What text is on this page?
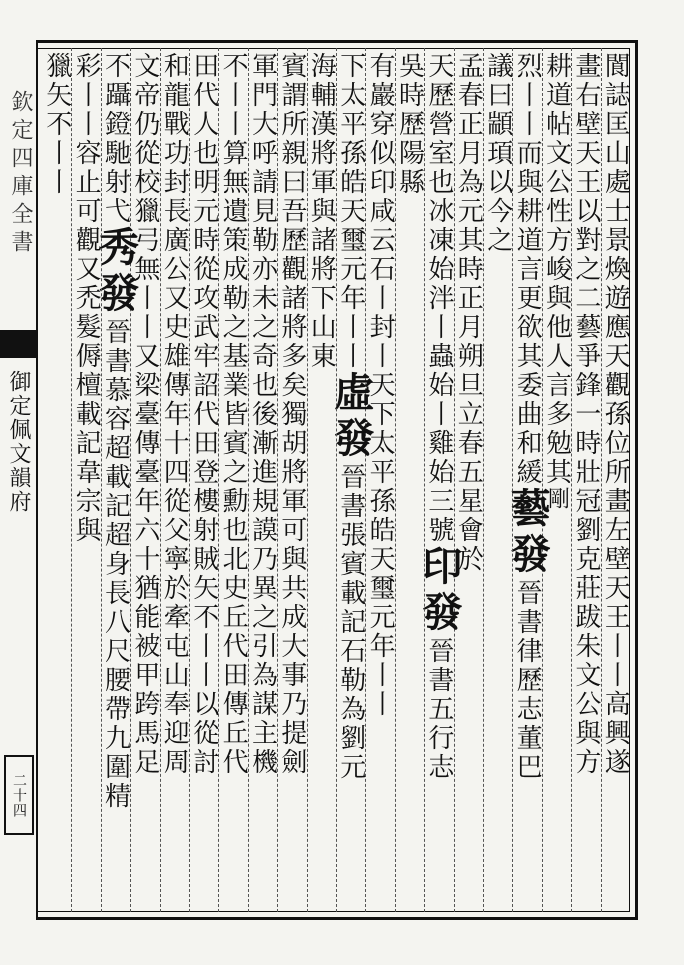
欽定四庫全書
御定佩文韻府
二十四
閬誌匡山處士景煥遊應天觀孫位所畫左壁天王丨丨高興遂
畫右壁天王以對之二藝爭鋒一時壯冠劉克莊跋朱文公與方
耕道帖文公性方峻與他人言多勉其剛
烈丨丨而與耕道言更欲其委曲和緩藝發晉書律歷志董巴
議曰顓頊以今之
孟春正月為元其時正月朔旦立春五星會於
天歷營室也冰凍始泮丨蟲始丨雞始三號印發晉書五行志
吳時歷陽縣
有巖穿似印咸云石丨封丨天下太平孫皓天璽元年丨丨
下太平孫皓天璽元年丨丨虛發晉書張賓載記石勒為劉元
海輔漢將軍與諸將下山東
賓謂所親曰吾歷觀諸將多矣獨胡將軍可與共成大事乃提劍
軍門大呼請見勒亦未之奇也後漸進規謨乃異之引為謀主機
不丨丨算無遺策成勒之基業皆賓之勳也北史丘代田傳丘代
田代人也明元時從攻武牢詔代田登樓射賊矢不丨丨以從討
和龍戰功封長廣公又史雄傳年十四從父寧於牽屯山奉迎周
文帝仍從校獵弓無丨丨又梁臺傳臺年六十猶能被甲跨馬足
不躡鐙馳射弋秀發晉書慕容超載記超身長八尺腰帶九圍精
彩丨丨容止可觀又禿髮傉檀載記韋宗與
獵矢不丨丨
